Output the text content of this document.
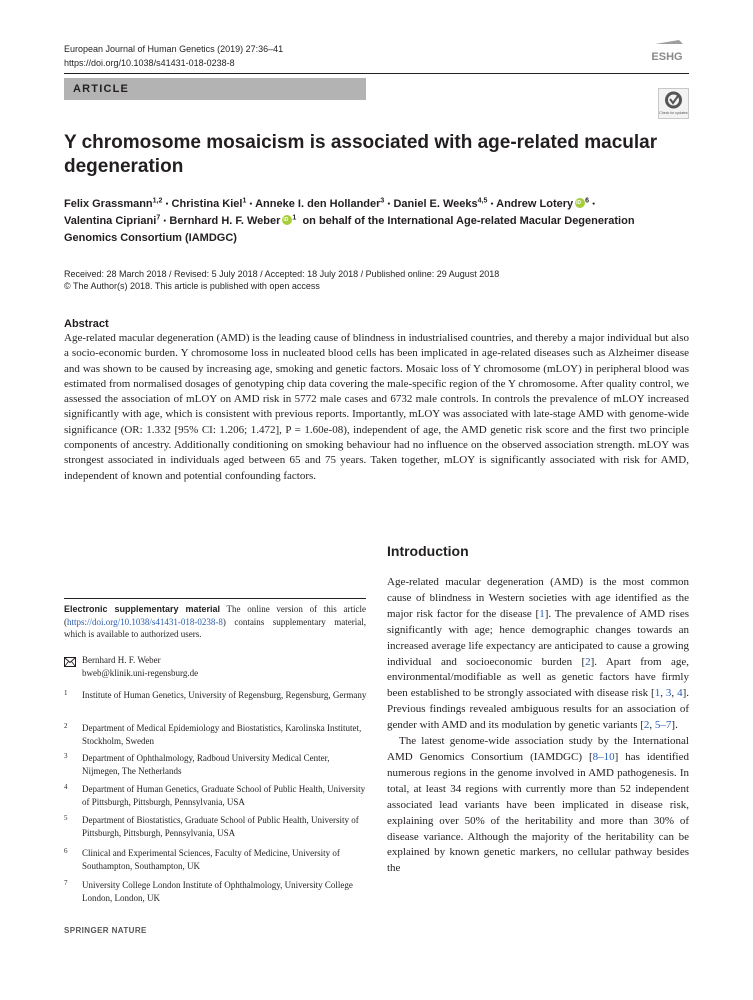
European Journal of Human Genetics (2019) 27:36–41
https://doi.org/10.1038/s41431-018-0238-8	ESHG
ARTICLE
Check for updates
Y chromosome mosaicism is associated with age-related macular degeneration
Felix Grassmann$^{1,2}$ ● Christina Kiel$^1$ ● Anneke I. den Hollander$^3$ ● Daniel E. Weeks$^{4,5}$ ● Andrew LoteryiD $^6$ ●
Valentina Cipriani$^7$ ● Bernhard H. F. WeberiD $^1$ on behalf of the International Age-related Macular Degeneration Genomics Consortium (IAMDGC)
Received: 28 March 2018 / Revised: 5 July 2018 / Accepted: 18 July 2018 / Published online: 29 August 2018
© The Author(s) 2018. This article is published with open access
Abstract

Age-related macular degeneration (AMD) is the leading cause of blindness in industrialised countries, and thereby a major individual but also a socio-economic burden. Y chromosome loss in nucleated blood cells has been implicated in age-related diseases such as Alzheimer disease and was shown to be caused by increasing age, smoking and genetic factors. Mosaic loss of Y chromosome (mLOY) in peripheral blood was estimated from normalised dosages of genotyping chip data covering the male-specific region of the Y chromosome. After quality control, we assessed the association of mLOY on AMD risk in 5772 male cases and 6732 male controls. In controls the prevalence of mLOY increased significantly with age, which is consistent with previous reports. Importantly, mLOY was associated with late-stage AMD with genome-wide significance (OR: 1.332 [95% CI: 1.206; 1.472], P = 1.60e-08), independent of age, the AMD genetic risk score and the first two principle components of ancestry. Additionally conditioning on smoking behaviour had no influence on the observed association strength. mLOY was strongest associated in individuals aged between 65 and 75 years. Taken together, mLOY is significantly associated with risk for AMD, independent of known and potential confounding factors.

Electronic supplementary material The online version of this article (https://doi.org/10.1038/s41431-018-0238-8) contains supplementary material, which is available to authorized users.
Bernhard H. F. Weber
bweb@klinik.uni-regensburg.de
1 Institute of Human Genetics, University of Regensburg, Regensburg, Germany
2 Department of Medical Epidemiology and Biostatistics, Karolinska Institutet, Stockholm, Sweden
3 Department of Ophthalmology, Radboud University Medical Center, Nijmegen, The Netherlands
4 Department of Human Genetics, Graduate School of Public Health, University of Pittsburgh, Pittsburgh, Pennsylvania, USA
5 Department of Biostatistics, Graduate School of Public Health, University of Pittsburgh, Pittsburgh, Pennsylvania, USA
6 Clinical and Experimental Sciences, Faculty of Medicine, University of Southampton, Southampton, UK
7 University College London Institute of Ophthalmology, University College London, London, UK
Introduction

Age-related macular degeneration (AMD) is the most common cause of blindness in Western societies with age identified as the major risk factor for the disease [1]. The prevalence of AMD rises significantly with age; hence demographic changes towards an increased average life expectancy are anticipated to cause a growing individual and socioeconomic burden [2]. Apart from age, environmental/modifiable as well as genetic factors have firmly been established to be strongly associated with disease risk [1, 3, 4]. Previous findings revealed ambiguous results for an association of gender with AMD and its modulation by genetic variants [2, 5–7].

The latest genome-wide association study by the International AMD Genomics Consortium (IAMDGC) [8–10] has identified numerous regions in the genome involved in AMD pathogenesis. In total, at least 34 regions with currently more than 52 independent associated lead variants have been implicated in disease risk, explaining over 50% of the heritability and more than 30% of disease variance. Although the majority of the heritability can be explained by known genetic markers, no cellular pathway besides the

SPRINGER NATURE
